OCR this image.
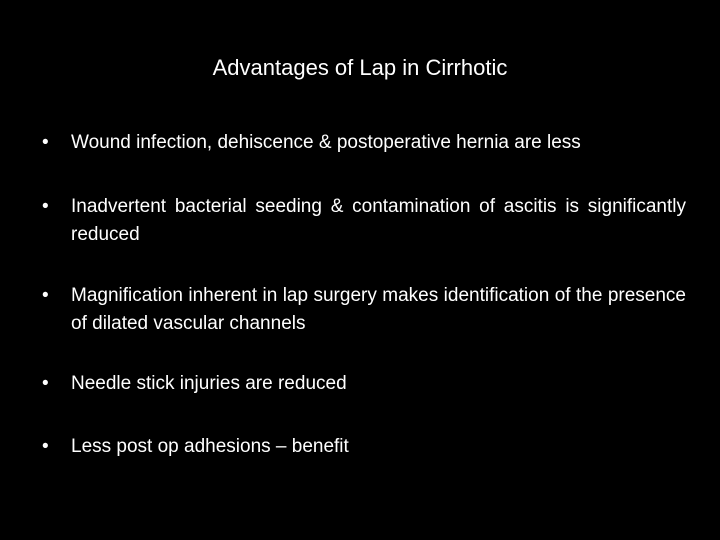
Advantages of Lap in Cirrhotic
•	Wound infection, dehiscence & postoperative hernia are less
•	Inadvertent bacterial seeding & contamination of ascitis is significantly reduced
•	Magnification inherent in lap surgery makes identification of the presence of dilated vascular channels
•	Needle stick injuries are reduced
•	Less post op adhesions – benefit
